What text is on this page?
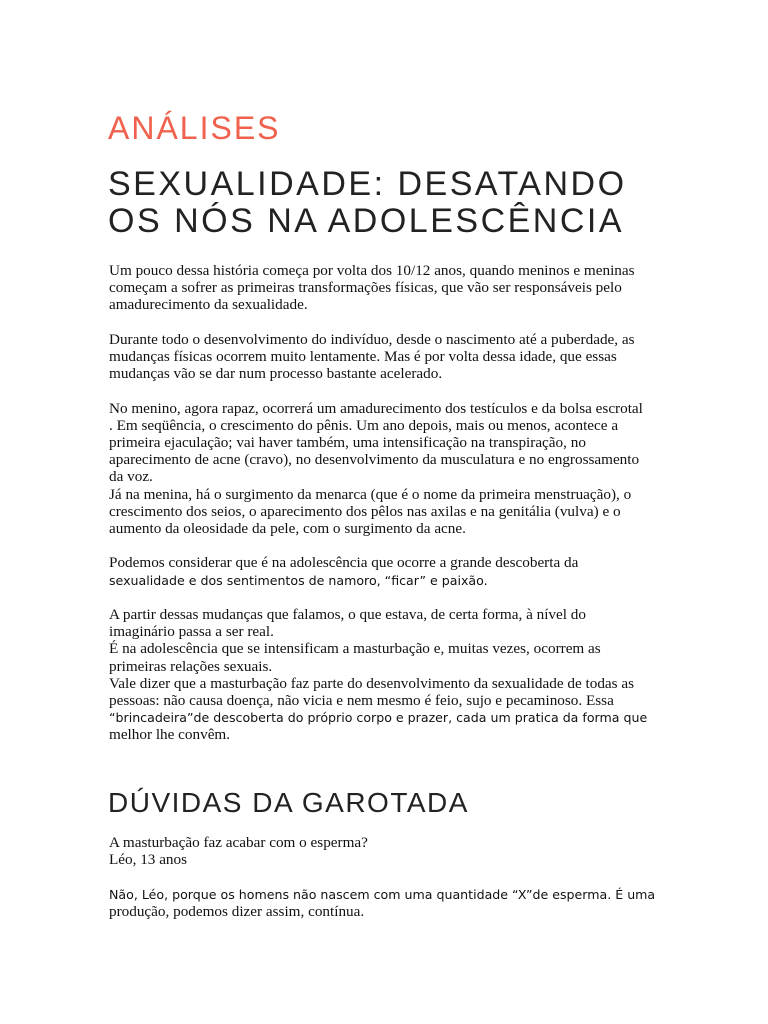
ANÁLISES
SEXUALIDADE: DESATANDO
OS NÓS NA ADOLESCÊNCIA

Um pouco dessa história começa por volta dos 10/12 anos, quando meninos e meninas
começam a sofrer as primeiras transformações físicas, que vão ser responsáveis pelo
amadurecimento da sexualidade.

Durante todo o desenvolvimento do indivíduo, desde o nascimento até a puberdade, as
mudanças físicas ocorrem muito lentamente. Mas é por volta dessa idade, que essas
mudanças vão se dar num processo bastante acelerado.

No menino, agora rapaz, ocorrerá um amadurecimento dos testículos e da bolsa escrotal
. Em seqüência, o crescimento do pênis. Um ano depois, mais ou menos, acontece a
primeira ejaculação; vai haver também, uma intensificação na transpiração, no
aparecimento de acne (cravo), no desenvolvimento da musculatura e no engrossamento
da voz.
Já na menina, há o surgimento da menarca (que é o nome da primeira menstruação), o
crescimento dos seios, o aparecimento dos pêlos nas axilas e na genitália (vulva) e o
aumento da oleosidade da pele, com o surgimento da acne.

Podemos considerar que é na adolescência que ocorre a grande descoberta da
sexualidade e dos sentimentos de namoro, “ficar” e paixão.

A partir dessas mudanças que falamos, o que estava, de certa forma, à nível do
imaginário passa a ser real.
É na adolescência que se intensificam a masturbação e, muitas vezes, ocorrem as
primeiras relações sexuais.
Vale dizer que a masturbação faz parte do desenvolvimento da sexualidade de todas as
pessoas: não causa doença, não vicia e nem mesmo é feio, sujo e pecaminoso. Essa
“brincadeira”de descoberta do próprio corpo e prazer, cada um pratica da forma que
melhor lhe convêm.

DÚVIDAS DA GAROTADA

A masturbação faz acabar com o esperma?
Léo, 13 anos

Não, Léo, porque os homens não nascem com uma quantidade “X”de esperma. É uma
produção, podemos dizer assim, contínua.
